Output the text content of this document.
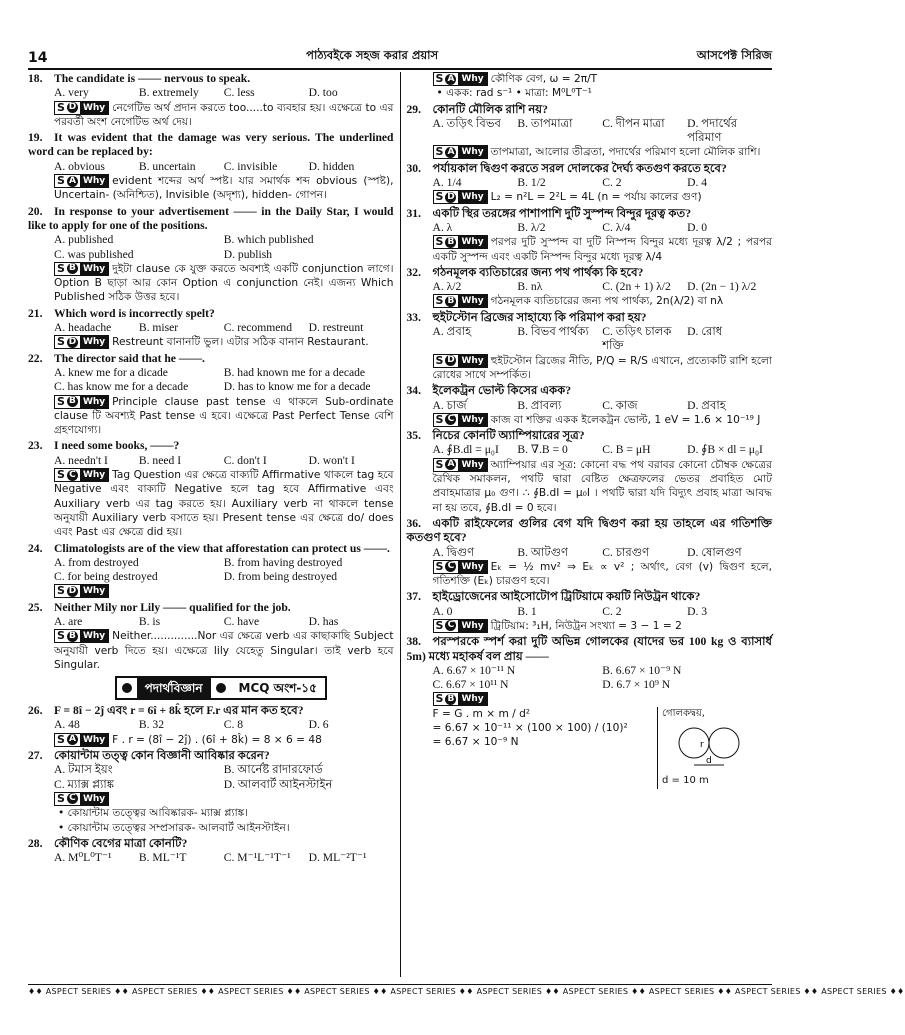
14	পাঠ্যবইকে সহজ করার প্রয়াস	আসপেক্ট সিরিজ
18. The candidate is —— nervous to speak.
A. very	B. extremely	C. less	D. too
S D Why নেগেটিভ অর্থ প্রদান করতে too.....to ব্যবহার হয়। এক্ষেত্রে to এর পরবর্তী অংশ নেগেটিভ অর্থ দেয়।
19. It was evident that the damage was very serious. The underlined word can be replaced by:
A. obvious	B. uncertain	C. invisible	D. hidden
S A Why evident শব্দের অর্থ স্পষ্ট। যার সমার্থক শব্দ obvious (স্পষ্ট), Uncertain- (অনিশ্চিত), Invisible (অদৃশ্য), hidden- গোপন।
20. In response to your advertisement —— in the Daily Star, I would like to apply for one of the positions.
A. published	B. which published
C. was published	D. publish
S B Why দুইটা clause কে যুক্ত করতে অবশ্যই একটি conjunction লাগে। Option B ছাড়া আর কোন Option এ conjunction নেই। এজন্য Which Published সঠিক উত্তর হবে।
21. Which word is incorrectly spelt?
A. headache	B. miser	C. recommend	D. restreunt
S D Why Restreunt বানানটি ভুল। এটার সঠিক বানান Restaurant.
22. The director said that he ——.
A. knew me for a dicade	B. had known me for a decade
C. has know me for a decade	D. has to know me for a decade
S B Why Principle clause past tense এ থাকলে Sub-ordinate clause টি অবশ্যই Past tense এ হবে। এক্ষেত্রে Past Perfect Tense বেশি গ্রহণযোগ্য।
23. I need some books, ——?
A. needn't I	B. need I	C. don't I	D. won't I
S C Why Tag Question এর ক্ষেত্রে বাক্যটি Affirmative থাকলে tag হবে Negative এবং বাক্যটি Negative হলে tag হবে Affirmative এবং Auxiliary verb এর tag করতে হয়। Auxiliary verb না থাকলে tense অনুযায়ী Auxiliary verb বসাতে হয়। Present tense এর ক্ষেত্রে do/ does এবং Past এর ক্ষেত্রে did হয়।
24. Climatologists are of the view that afforestation can protect us ——.
A. from destroyed	B. from having destroyed
C. for being destroyed	D. from being destroyed
S D Why
25. Neither Mily nor Lily —— qualified for the job.
A. are	B. is	C. have	D. has
S B Why Neither..............Nor এর ক্ষেত্রে verb এর কাছাকাছি Subject অনুযায়ী verb দিতে হয়। এক্ষেত্রে lily যেহেতু Singular। তাই verb হবে Singular.
পদার্থবিজ্ঞান	MCQ অংশ-১৫
26. F = 8î − 2ĵ এবং r = 6î + 8k̂ হলে F.r এর মান কত হবে?
A. 48	B. 32	C. 8	D. 6
S A Why F . r = (8î − 2ĵ) . (6î + 8k̂) = 8 × 6 = 48
27. কোয়ান্টাম তত্ত্ব কোন বিজ্ঞানী আবিষ্কার করেন?
A. টমাস ইয়ং	B. আর্নেষ্ট রাদারফোর্ড
C. ম্যাক্স প্ল্যাঙ্ক	D. আলবার্ট আইনস্টাইন
S C Why
• কোয়ান্টাম তত্ত্বের আবিষ্কারক- ম্যাক্স প্ল্যাঙ্ক।
• কোয়ান্টাম তত্ত্বের সম্প্রসারক- আলবার্ট আইনস্টাইন।
28. কৌণিক বেগের মাত্রা কোনটি?
A. M⁰L⁰T⁻¹	B. ML⁻¹T	C. M⁻¹L⁻¹T⁻¹	D. ML⁻²T⁻¹
S A Why কৌণিক বেগ, ω = 2π/T
• একক: rad s⁻¹ • মাত্রা: M⁰L⁰T⁻¹
29. কোনটি মৌলিক রাশি নয়?
A. তড়িৎ বিভব	B. তাপমাত্রা	C. দীপন মাত্রা	D. পদার্থের পরিমাণ
S A Why তাপমাত্রা, আলোর তীব্রতা, পদার্থের পরিমাণ হলো মৌলিক রাশি।
30. পর্যায়কাল দ্বিগুণ করতে সরল দোলকের দৈর্ঘ্য কতগুণ করতে হবে?
A. 1/4	B. 1/2	C. 2	D. 4
S D Why L₂ = n²L = 2²L = 4L (n = পর্যায় কালের গুণ)
31. একটি স্থির তরঙ্গের পাশাপাশি দুটি সুস্পন্দ বিন্দুর দূরত্ব কত?
A. λ	B. λ/2	C. λ/4	D. 0
S B Why পরপর দুটি সুস্পন্দ বা দুটি নিস্পন্দ বিন্দুর মধ্যে দূরত্ব λ/2 ; পরপর একটি সুস্পন্দ এবং একটি নিস্পন্দ বিন্দুর মধ্যে দূরত্ব λ/4
32. গঠনমূলক ব্যতিচারের জন্য পথ পার্থক্য কি হবে?
A. λ/2	B. nλ	C. (2n + 1) λ/2	D. (2n − 1) λ/2
S B Why গঠনমূলক ব্যতিচারের জন্য পথ পার্থক্য, 2n(λ/2) বা nλ
33. হুইটস্টোন ব্রিজের সাহায্যে কি পরিমাপ করা হয়?
A. প্রবাহ	B. বিভব পার্থক্য	C. তড়িৎ চালক শক্তি
D. রোধ
S D Why হুইটস্টোন ব্রিজের নীতি, P/Q = R/S এখানে, প্রত্যেকটি রাশি হলো রোধের সাথে সম্পর্কিত।
34. ইলেকট্রন ভোল্ট কিসের একক?
A. চার্জ	B. প্রাবল্য	C. কাজ	D. প্রবাহ
S C Why কাজ বা শক্তির একক ইলেকট্রন ভোল্ট, 1 eV = 1.6 × 10⁻¹⁹ J
35. নিচের কোনটি অ্যাম্পিয়ারের সূত্র?
A. ∮B.dl = μ₀I	B. ∇.B = 0	C. B = μH	D. ∮B × dl = μ₀I
S A Why অ্যাম্পিয়ার এর সূত্র: কোনো বদ্ধ পথ বরাবর কোনো চৌম্বক ক্ষেত্রের রৈখিক সমাকলন, পথটি দ্বারা বেষ্টিত ক্ষেত্রফলের ভেতর প্রবাহিত মোট প্রবাহমাত্রার μ₀ গুণ। ∴ ∮B.dI = μ₀I । পথটি দ্বারা যদি বিদ্যুৎ প্রবাহ মাত্রা আবদ্ধ না হয় তবে, ∮B.dI = 0 হবে।
36. একটি রাইফেলের গুলির বেগ যদি দ্বিগুণ করা হয় তাহলে এর গতিশক্তি কতগুণ হবে?
A. দ্বিগুণ	B. আটগুণ	C. চারগুণ	D. ষোলগুণ
S C Why Eₖ = ½ mv² ⇒ Eₖ ∝ v² ; অর্থাৎ, বেগ (v) দ্বিগুণ হলে, গতিশক্তি (Eₖ) চারগুণ হবে।
37. হাইড্রোজেনের আইসোটোপ ট্রিটিয়ামে কয়টি নিউট্রন থাকে?
A. 0	B. 1	C. 2	D. 3
S C Why ট্রিটিয়াম: ³₁H, নিউট্রন সংখ্যা = 3 − 1 = 2
38. পরস্পরকে স্পর্শ করা দুটি অভিন্ন গোলকের (যাদের ভর 100 kg ও ব্যাসার্ধ 5m) মধ্যে মহাকর্ষ বল প্রায় ——
A. 6.67 × 10⁻¹¹ N	B. 6.67 × 10⁻⁹ N
C. 6.67 × 10¹¹ N	D. 6.7 × 10⁹ N
S B Why
F = G . m × m / d²
= 6.67 × 10⁻¹¹ × (100 × 100) / (10)²
= 6.67 × 10⁻⁹ N
গোলকদ্বয়,
r
d
d = 10 m
♦♦ ASPECT SERIES ♦♦ ASPECT SERIES ♦♦ ASPECT SERIES ♦♦ ASPECT SERIES ♦♦ ASPECT SERIES ♦♦ ASPECT SERIES ♦♦ ASPECT SERIES ♦♦ ASPECT SERIES ♦♦ ASPECT SERIES ♦♦ ASPECT SERIES ♦♦
